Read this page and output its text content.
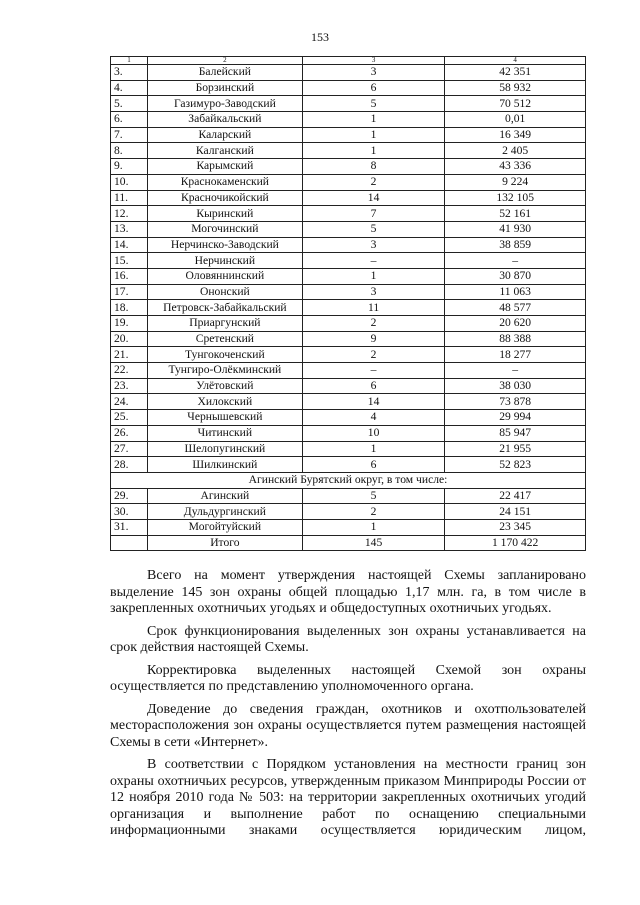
153
1	2	3	4
3.	Балейский	3	42 351
4.	Борзинский	6	58 932
5.	Газимуро-Заводский	5	70 512
6.	Забайкальский	1	0,01
7.	Каларский	1	16 349
8.	Калганский	1	2 405
9.	Карымский	8	43 336
10.	Краснокаменский	2	9 224
11.	Красночикойский	14	132 105
12.	Кыринский	7	52 161
13.	Могочинский	5	41 930
14.	Нерчинско-Заводский	3	38 859
15.	Нерчинский	–	–
16.	Оловяннинский	1	30 870
17.	Ононский	3	11 063
18.	Петровск-Забайкальский	11	48 577
19.	Приаргунский	2	20 620
20.	Сретенский	9	88 388
21.	Тунгокоченский	2	18 277
22.	Тунгиро-Олёкминский	–	–
23.	Улётовский	6	38 030
24.	Хилокский	14	73 878
25.	Чернышевский	4	29 994
26.	Читинский	10	85 947
27.	Шелопугинский	1	21 955
28.	Шилкинский	6	52 823
Агинский Бурятский округ, в том числе:			
29.	Агинский	5	22 417
30.	Дульдургинский	2	24 151
31.	Могойтуйский	1	23 345
	Итого	145	1 170 422

Всего на момент утверждения настоящей Схемы запланировано выделение 145 зон охраны общей площадью 1,17 млн. га, в том числе в закрепленных охотничьих угодьях и общедоступных охотничьих угодьях.

Срок функционирования выделенных зон охраны устанавливается на срок действия настоящей Схемы.

Корректировка выделенных настоящей Схемой зон охраны осуществляется по представлению уполномоченного органа.

Доведение до сведения граждан, охотников и охотпользователей месторасположения зон охраны осуществляется путем размещения настоящей Схемы в сети «Интернет».

В соответствии с Порядком установления на местности границ зон охраны охотничьих ресурсов, утвержденным приказом Минприроды России от 12 ноября 2010 года № 503: на территории закрепленных охотничьих угодий организация и выполнение работ по оснащению специальными информационными знаками осуществляется юридическим лицом,
